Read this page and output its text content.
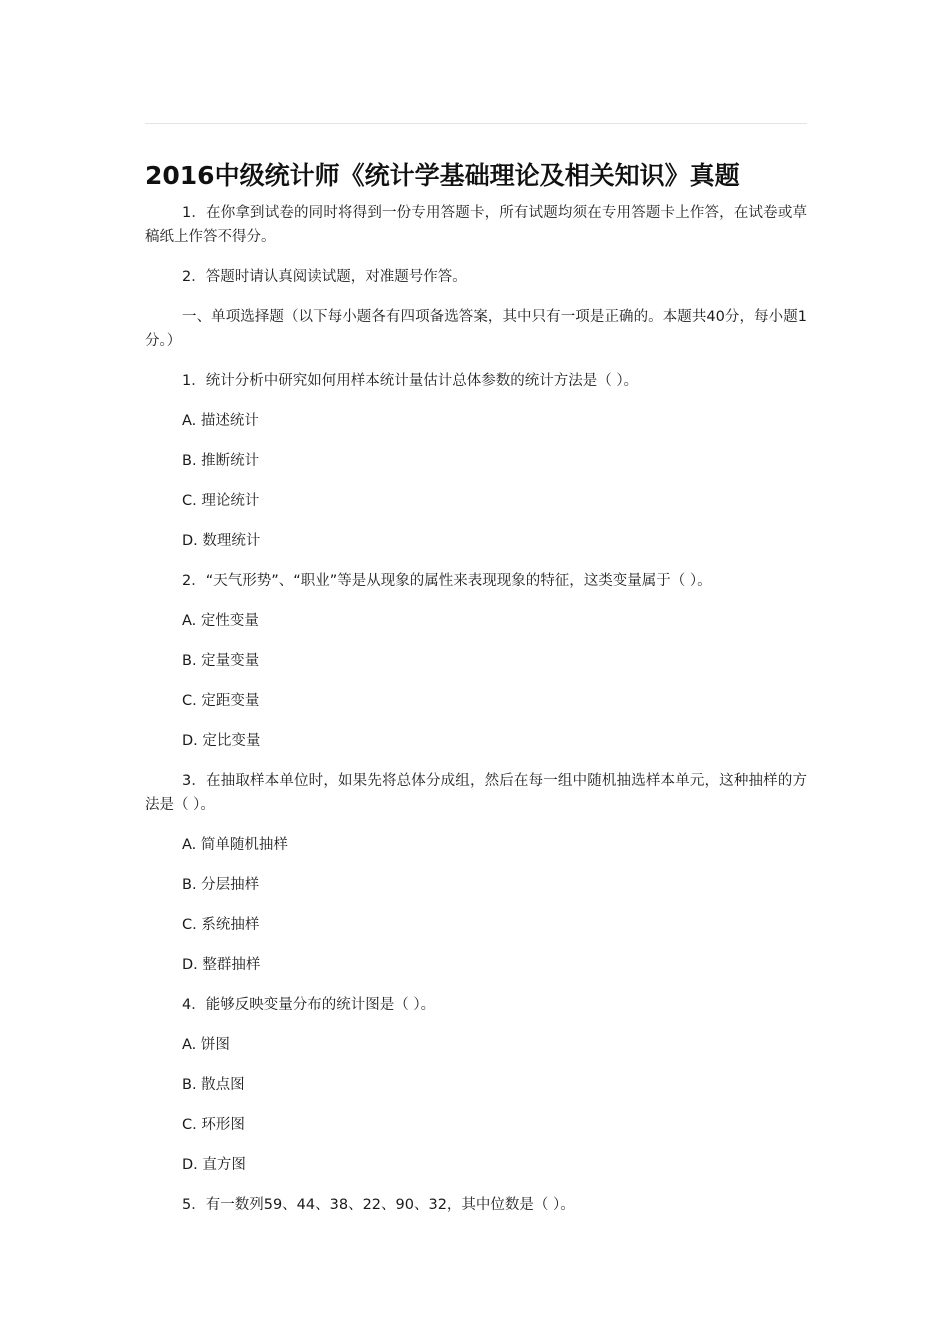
2016中级统计师《统计学基础理论及相关知识》真题

1．在你拿到试卷的同时将得到一份专用答题卡，所有试题均须在专用答题卡上作答，在试卷或草稿纸上作答不得分。

2．答题时请认真阅读试题，对准题号作答。

一、单项选择题（以下每小题各有四项备选答案，其中只有一项是正确的。本题共40分，每小题1分。）

1．统计分析中研究如何用样本统计量估计总体参数的统计方法是（ ）。

A. 描述统计

B. 推断统计

C. 理论统计

D. 数理统计

2．“天气形势”、“职业”等是从现象的属性来表现现象的特征，这类变量属于（ ）。

A. 定性变量

B. 定量变量

C. 定距变量

D. 定比变量

3．在抽取样本单位时，如果先将总体分成组，然后在每一组中随机抽选样本单元，这种抽样的方法是（ ）。

A. 简单随机抽样

B. 分层抽样

C. 系统抽样

D. 整群抽样

4．能够反映变量分布的统计图是（ ）。

A. 饼图

B. 散点图

C. 环形图

D. 直方图

5．有一数列59、44、38、22、90、32，其中位数是（ ）。
